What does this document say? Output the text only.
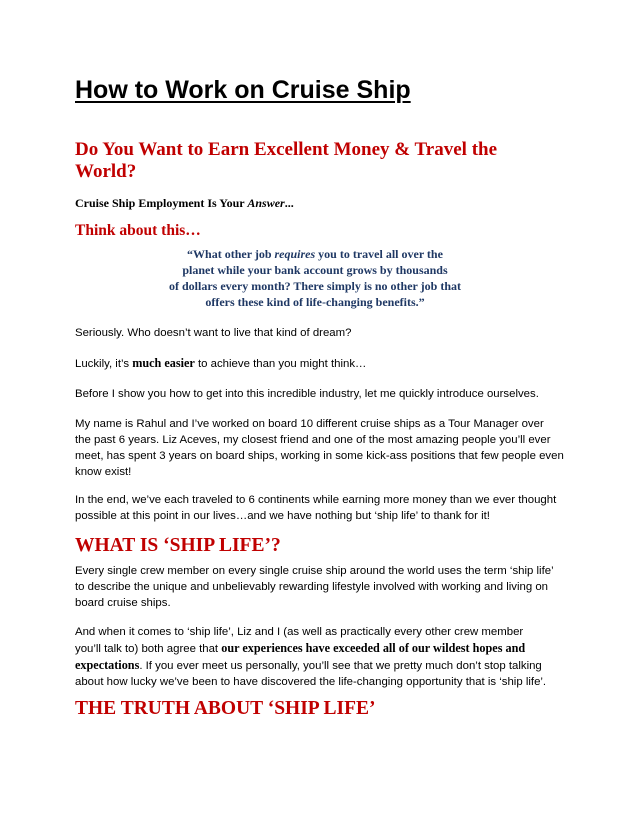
How to Work on Cruise Ship
Do You Want to Earn Excellent Money & Travel the World?

Cruise Ship Employment Is Your Answer...

Think about this…
“What other job requires you to travel all over the
planet while your bank account grows by thousands
of dollars every month? There simply is no other job that
offers these kind of life-changing benefits.”

Seriously. Who doesn’t want to live that kind of dream?

Luckily, it’s much easier to achieve than you might think…

Before I show you how to get into this incredible industry, let me quickly introduce ourselves.

My name is Rahul and I’ve worked on board 10 different cruise ships as a Tour Manager over
the past 6 years. Liz Aceves, my closest friend and one of the most amazing people you’ll ever
meet, has spent 3 years on board ships, working in some kick-ass positions that few people even
know exist!

In the end, we’ve each traveled to 6 continents while earning more money than we ever thought
possible at this point in our lives…and we have nothing but ‘ship life’ to thank for it!

WHAT IS ‘SHIP LIFE’?

Every single crew member on every single cruise ship around the world uses the term ‘ship life’
to describe the unique and unbelievably rewarding lifestyle involved with working and living on
board cruise ships.

And when it comes to ‘ship life’, Liz and I (as well as practically every other crew member
you’ll talk to) both agree that our experiences have exceeded all of our wildest hopes and
expectations. If you ever meet us personally, you’ll see that we pretty much don’t stop talking
about how lucky we’ve been to have discovered the life-changing opportunity that is ‘ship life’.

THE TRUTH ABOUT ‘SHIP LIFE’
